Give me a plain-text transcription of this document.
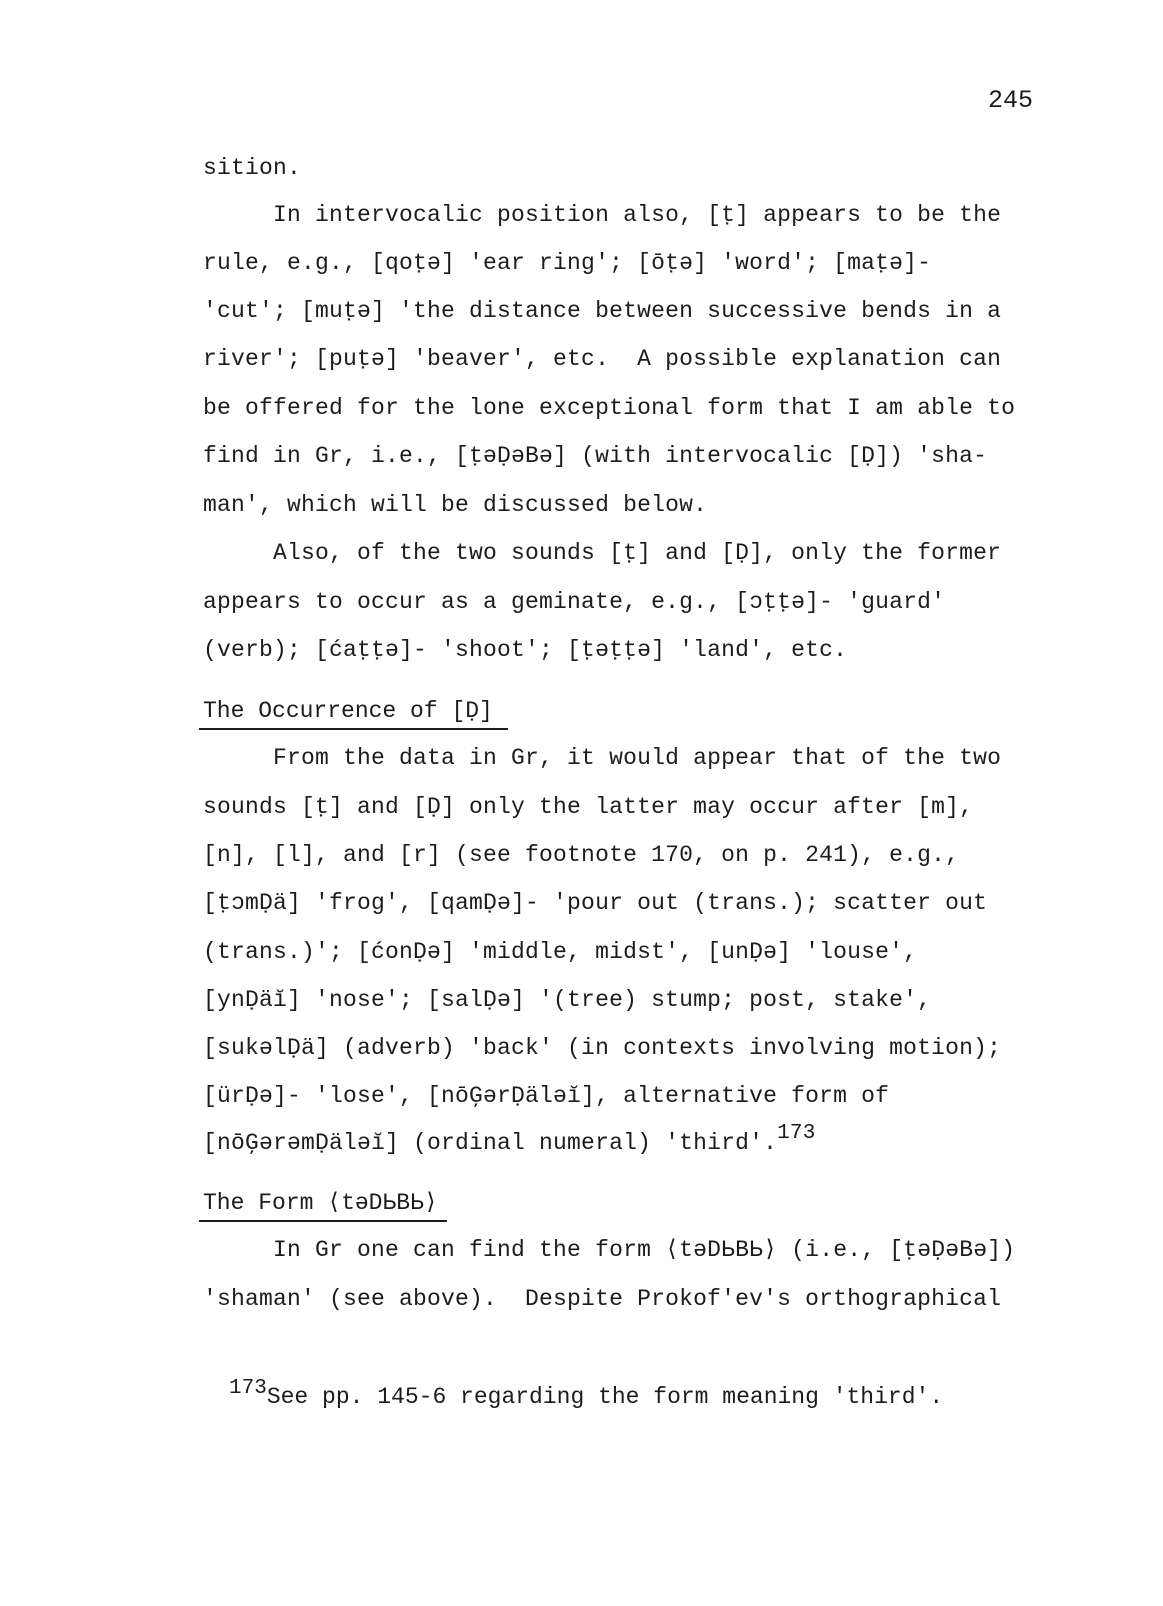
245
sition.
In intervocalic position also, [ṭ] appears to be the
rule, e.g., [qoṭə] 'ear ring'; [ōṭə] 'word'; [maṭə]-
'cut'; [muṭə] 'the distance between successive bends in a
river'; [puṭə] 'beaver', etc.  A possible explanation can
be offered for the lone exceptional form that I am able to
find in Gr, i.e., [ṭəḌəBə] (with intervocalic [Ḍ]) 'sha-
man', which will be discussed below.
Also, of the two sounds [ṭ] and [Ḍ], only the former
appears to occur as a geminate, e.g., [ɔṭṭə]- 'guard'
(verb); [ćaṭṭə]- 'shoot'; [ṭəṭṭə] 'land', etc.
The Occurrence of [Ḍ]
From the data in Gr, it would appear that of the two
sounds [ṭ] and [Ḍ] only the latter may occur after [m],
[n], [l], and [r] (see footnote 170, on p. 241), e.g.,
[ṭɔmḌä] 'frog', [qamḌə]- 'pour out (trans.); scatter out
(trans.)'; [ćonḌə] 'middle, midst', [unḌə] 'louse',
[ynḌäĭ] 'nose'; [salḌə] '(tree) stump; post, stake',
[sukəlḌä] (adverb) 'back' (in contexts involving motion);
[ürḌə]- 'lose', [nōĢərḌäləĭ], alternative form of
[nōĢərəmḌäləĭ] (ordinal numeral) 'third'.173
The Form ⟨təDЬBЬ⟩
In Gr one can find the form ⟨təDЬBЬ⟩ (i.e., [ṭəḌəBə])
'shaman' (see above).  Despite Prokof'ev's orthographical
173See pp. 145-6 regarding the form meaning 'third'.
